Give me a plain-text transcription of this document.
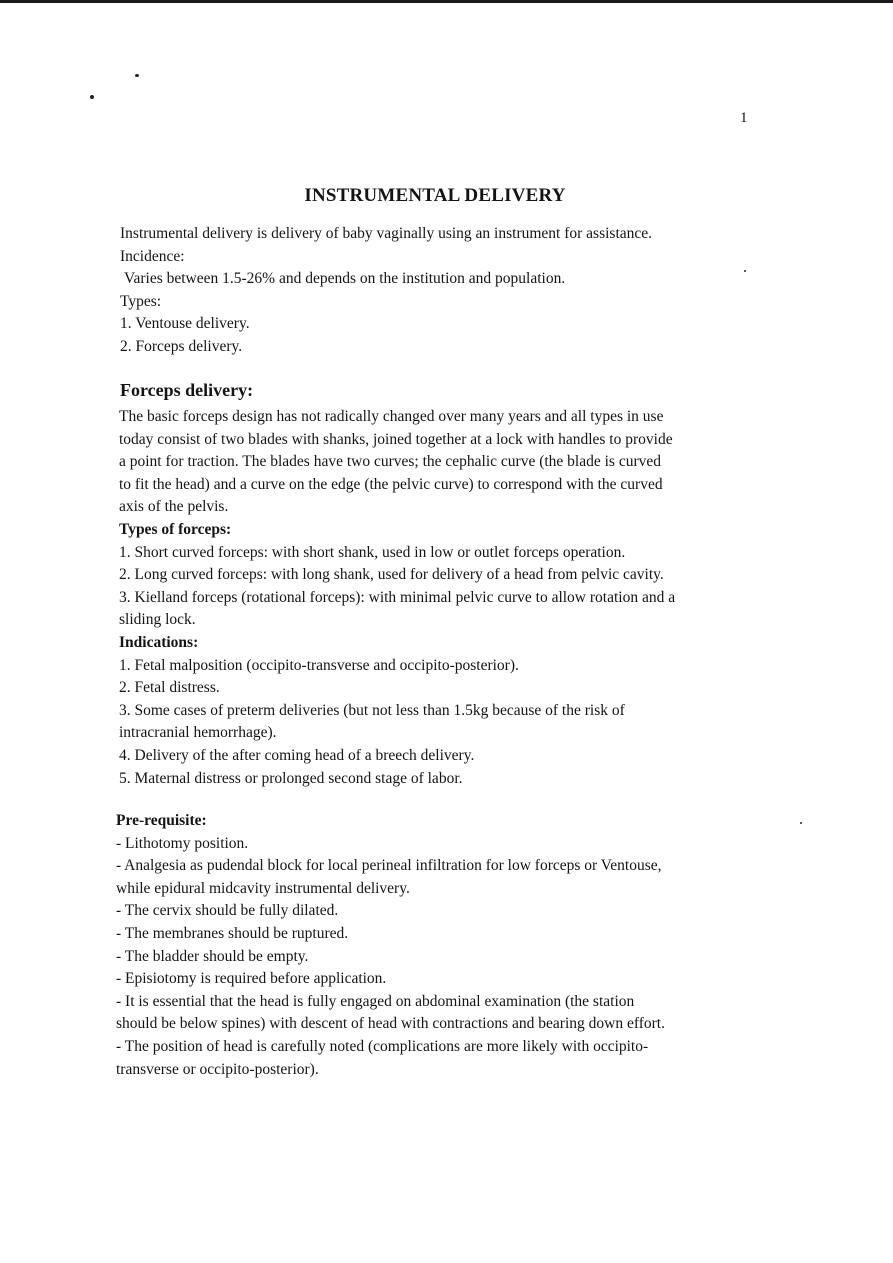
1
INSTRUMENTAL DELIVERY

Instrumental delivery is delivery of baby vaginally using an instrument for assistance.

Incidence:

Varies between 1.5-26% and depends on the institution and population.

Types:

1. Ventouse delivery.

2. Forceps delivery.

Forceps delivery:

The basic forceps design has not radically changed over many years and all types in use

today consist of two blades with shanks, joined together at a lock with handles to provide

a point for traction. The blades have two curves; the cephalic curve (the blade is curved

to fit the head) and a curve on the edge (the pelvic curve) to correspond with the curved

axis of the pelvis.

Types of forceps:

1. Short curved forceps: with short shank, used in low or outlet forceps operation.

2. Long curved forceps: with long shank, used for delivery of a head from pelvic cavity.

3. Kielland forceps (rotational forceps): with minimal pelvic curve to allow rotation and a

sliding lock.

Indications:

1. Fetal malposition (occipito-transverse and occipito-posterior).

2. Fetal distress.

3. Some cases of preterm deliveries (but not less than 1.5kg because of the risk of

intracranial hemorrhage).

4. Delivery of the after coming head of a breech delivery.

5. Maternal distress or prolonged second stage of labor.

Pre-requisite:

- Lithotomy position.

- Analgesia as pudendal block for local perineal infiltration for low forceps or Ventouse,

while epidural midcavity instrumental delivery.

- The cervix should be fully dilated.

- The membranes should be ruptured.

- The bladder should be empty.

- Episiotomy is required before application.

- It is essential that the head is fully engaged on abdominal examination (the station

should be below spines) with descent of head with contractions and bearing down effort.

- The position of head is carefully noted (complications are more likely with occipito-

transverse or occipito-posterior).
